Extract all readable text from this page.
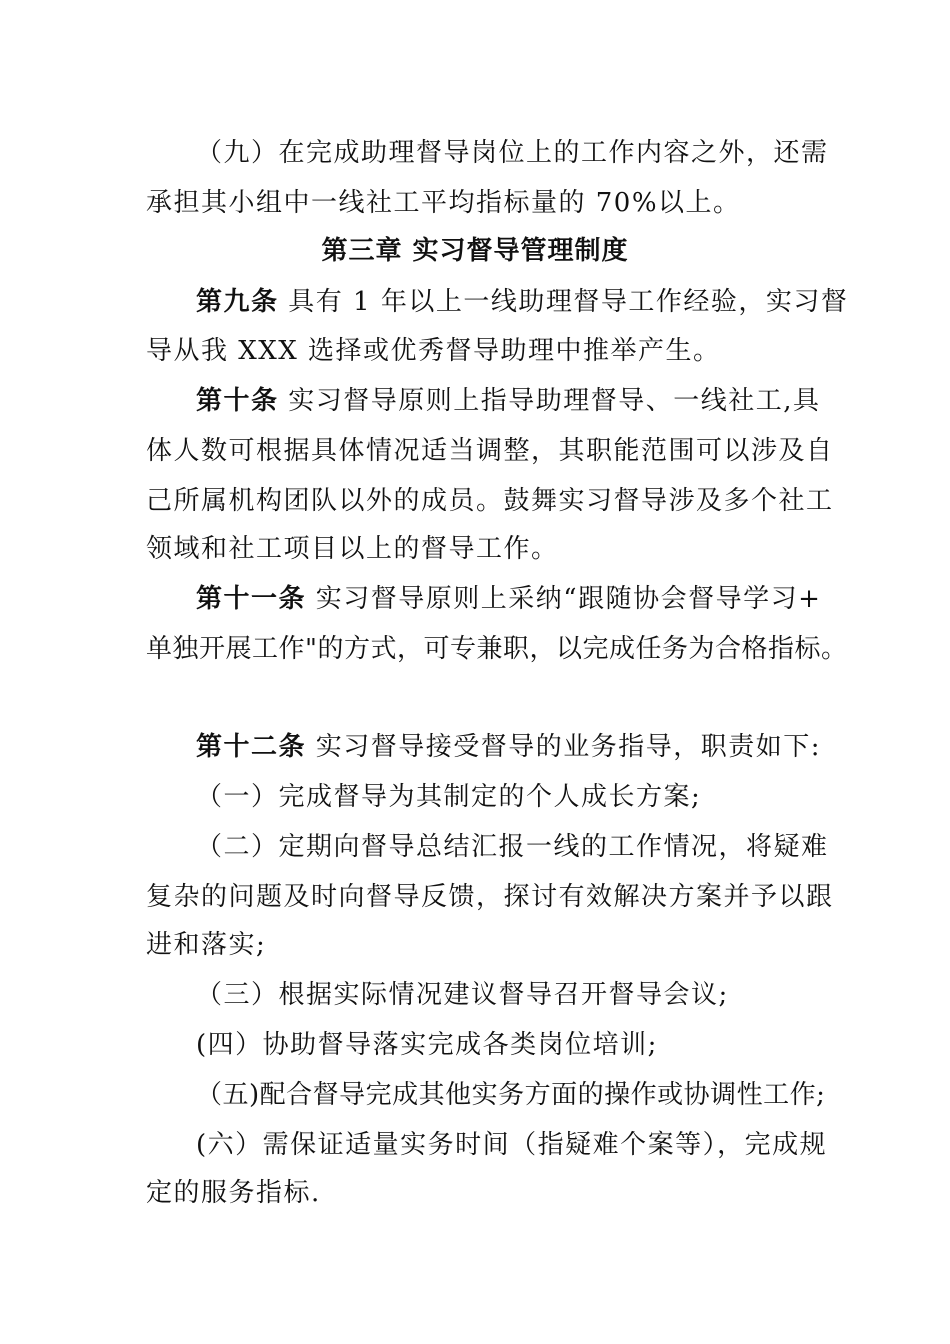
（九）在完成助理督导岗位上的工作内容之外，还需
承担其小组中一线社工平均指标量的 70%以上。
第三章 实习督导管理制度
第九条 具有 1 年以上一线助理督导工作经验，实习督
导从我 XXX 选择或优秀督导助理中推举产生。
第十条 实习督导原则上指导助理督导、一线社工,具
体人数可根据具体情况适当调整，其职能范围可以涉及自
己所属机构团队以外的成员。鼓舞实习督导涉及多个社工
领域和社工项目以上的督导工作。
第十一条 实习督导原则上采纳“跟随协会督导学习+
单独开展工作"的方式，可专兼职，以完成任务为合格指标。
第十二条 实习督导接受督导的业务指导，职责如下:
（一）完成督导为其制定的个人成长方案;
（二）定期向督导总结汇报一线的工作情况，将疑难
复杂的问题及时向督导反馈，探讨有效解决方案并予以跟
进和落实;
（三）根据实际情况建议督导召开督导会议;
(四）协助督导落实完成各类岗位培训;
（五)配合督导完成其他实务方面的操作或协调性工作;
(六）需保证适量实务时间（指疑难个案等），完成规
定的服务指标.
